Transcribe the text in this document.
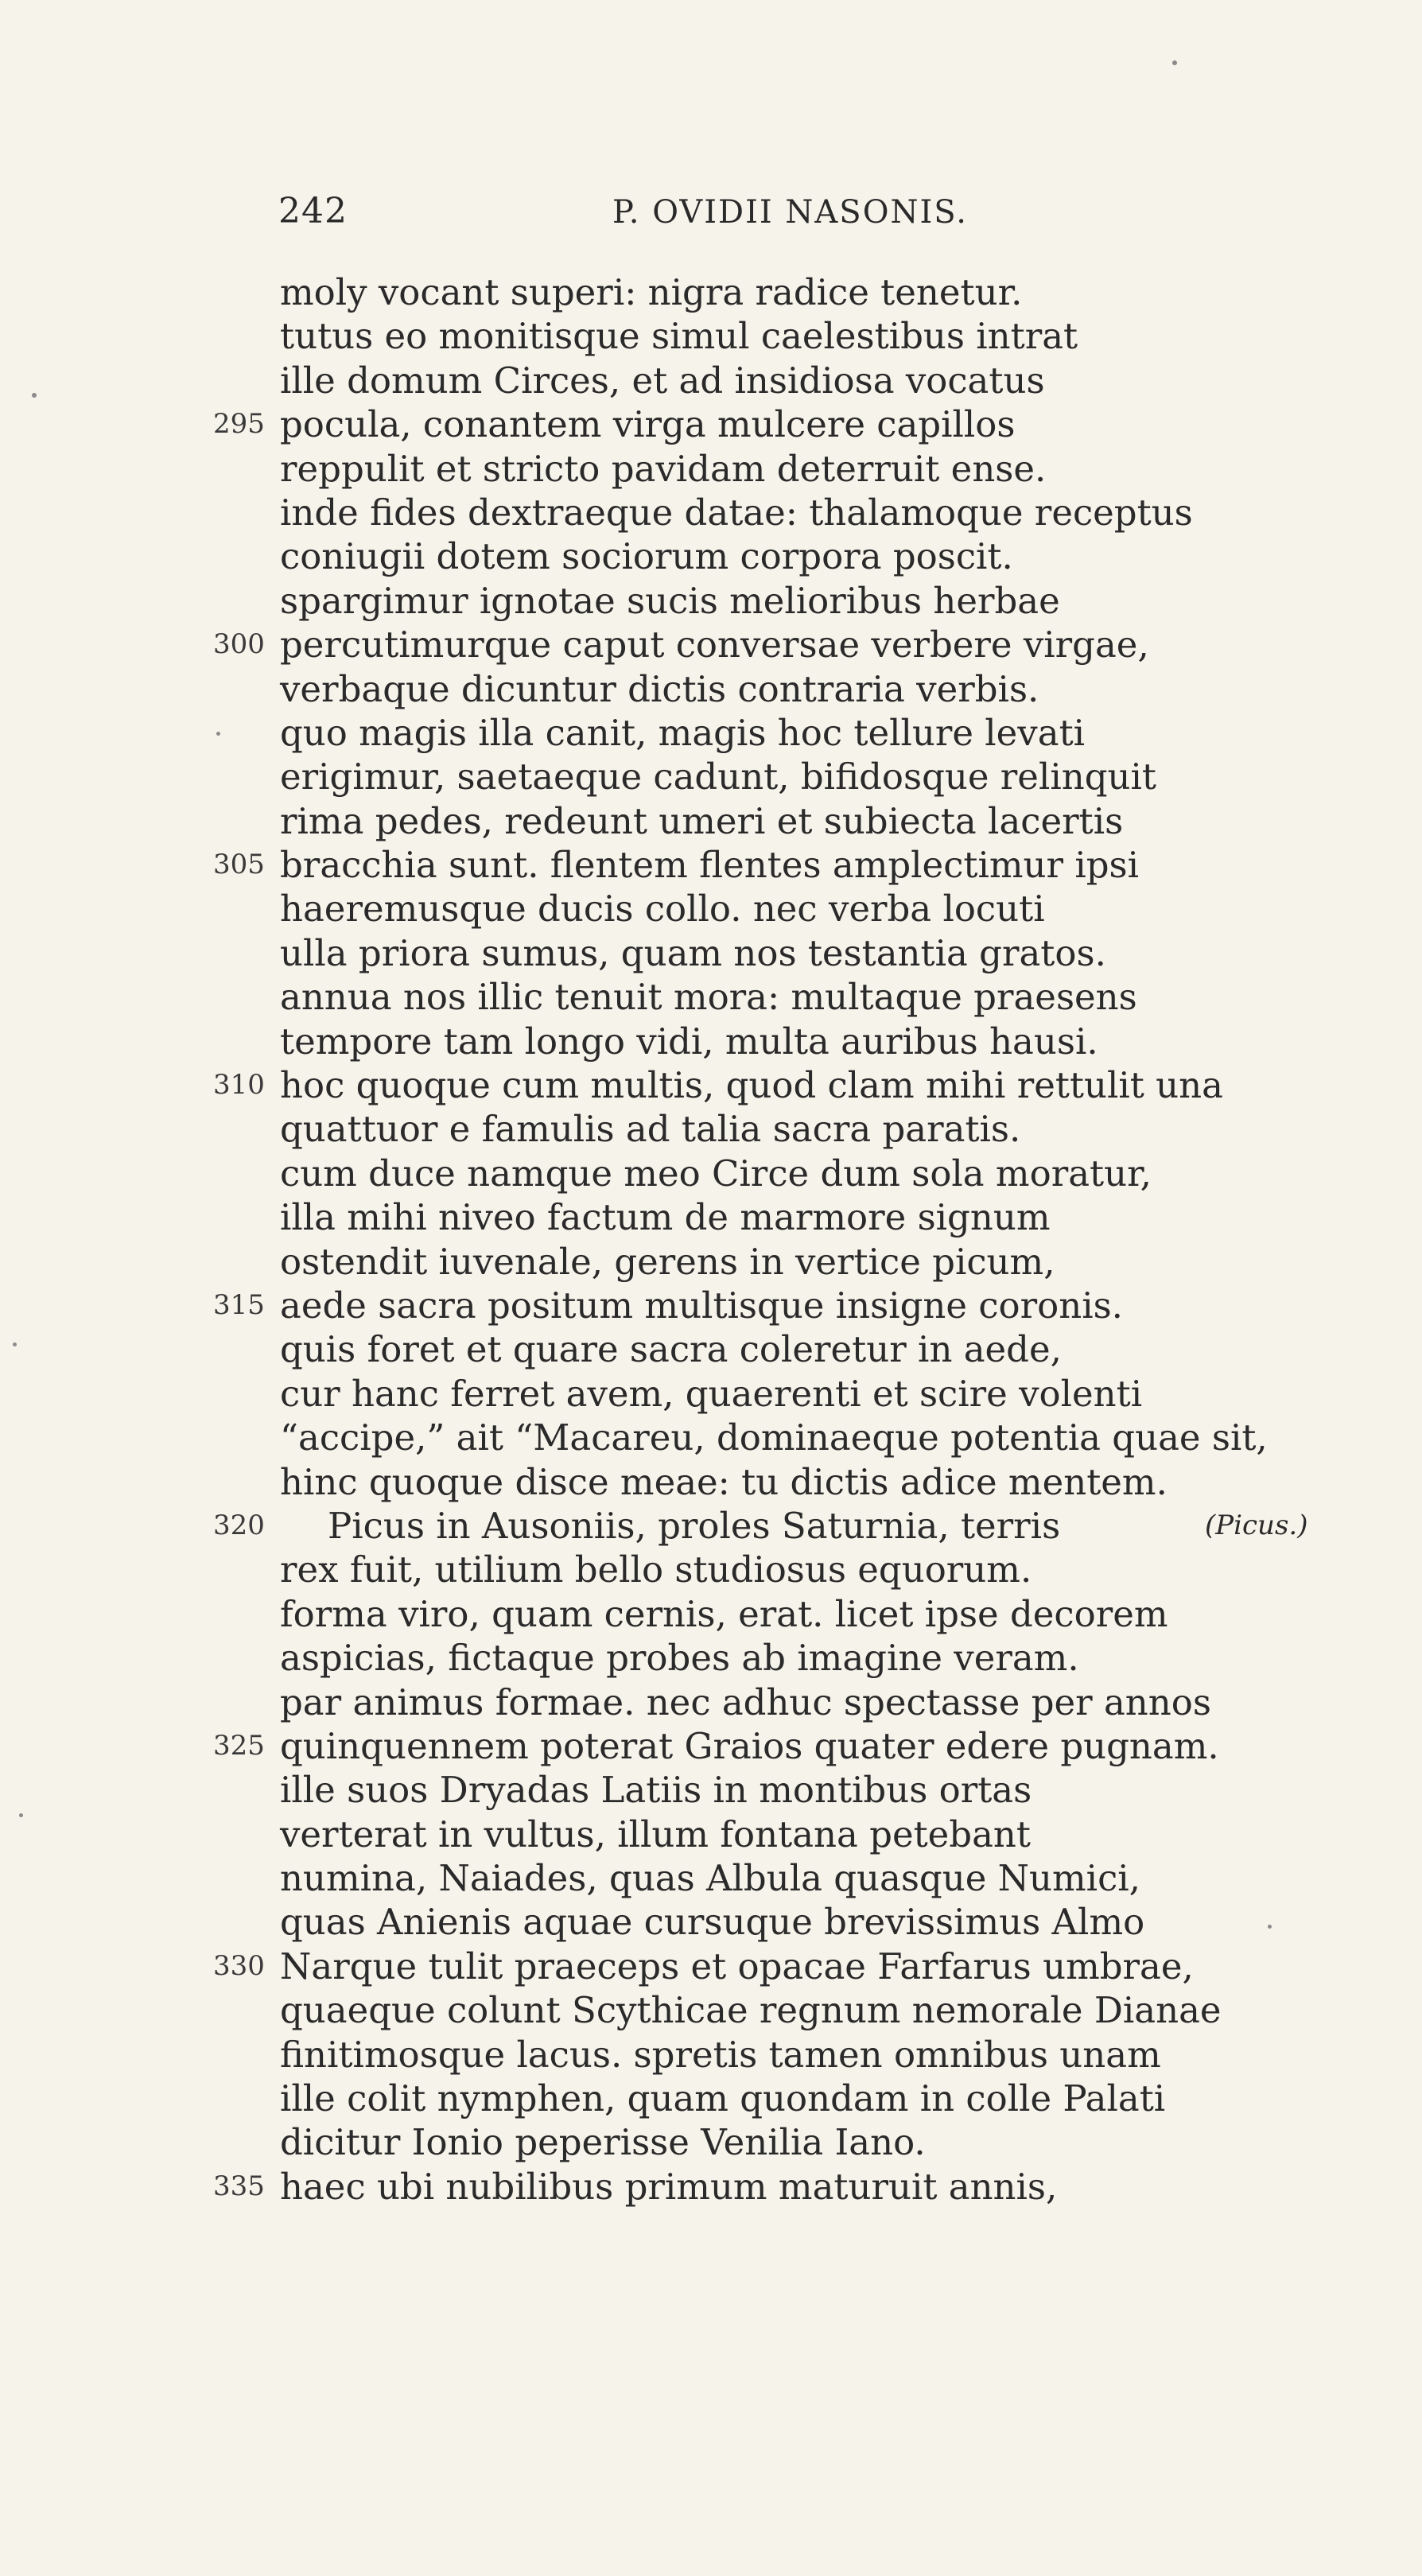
242	P. OVIDII NASONIS.
moly vocant superi: nigra radice tenetur.
tutus eo monitisque simul caelestibus intrat
ille domum Circes, et ad insidiosa vocatus
295 pocula, conantem virga mulcere capillos
reppulit et stricto pavidam deterruit ense.
inde fides dextraeque datae: thalamoque receptus
coniugii dotem sociorum corpora poscit.
spargimur ignotae sucis melioribus herbae
300 percutimurque caput conversae verbere virgae,
verbaque dicuntur dictis contraria verbis.
quo magis illa canit, magis hoc tellure levati
erigimur, saetaeque cadunt, bifidosque relinquit
rima pedes, redeunt umeri et subiecta lacertis
305 bracchia sunt. flentem flentes amplectimur ipsi
haeremusque ducis collo. nec verba locuti
ulla priora sumus, quam nos testantia gratos.
annua nos illic tenuit mora: multaque praesens
tempore tam longo vidi, multa auribus hausi.
310 hoc quoque cum multis, quod clam mihi rettulit una
quattuor e famulis ad talia sacra paratis.
cum duce namque meo Circe dum sola moratur,
illa mihi niveo factum de marmore signum
ostendit iuvenale, gerens in vertice picum,
315 aede sacra positum multisque insigne coronis.
quis foret et quare sacra coleretur in aede,
cur hanc ferret avem, quaerenti et scire volenti
“accipe,” ait “Macareu, dominaeque potentia quae sit,
hinc quoque disce meae: tu dictis adice mentem.
320	Picus in Ausoniis, proles Saturnia, terris	(Picus.)
rex fuit, utilium bello studiosus equorum.
forma viro, quam cernis, erat. licet ipse decorem
aspicias, fictaque probes ab imagine veram.
par animus formae. nec adhuc spectasse per annos
325 quinquennem poterat Graios quater edere pugnam.
ille suos Dryadas Latiis in montibus ortas
verterat in vultus, illum fontana petebant
numina, Naiades, quas Albula quasque Numici,
quas Anienis aquae cursuque brevissimus Almo
330 Narque tulit praeceps et opacae Farfarus umbrae,
quaeque colunt Scythicae regnum nemorale Dianae
finitimosque lacus. spretis tamen omnibus unam
ille colit nymphen, quam quondam in colle Palati
dicitur Ionio peperisse Venilia Iano.
335 haec ubi nubilibus primum maturuit annis,
